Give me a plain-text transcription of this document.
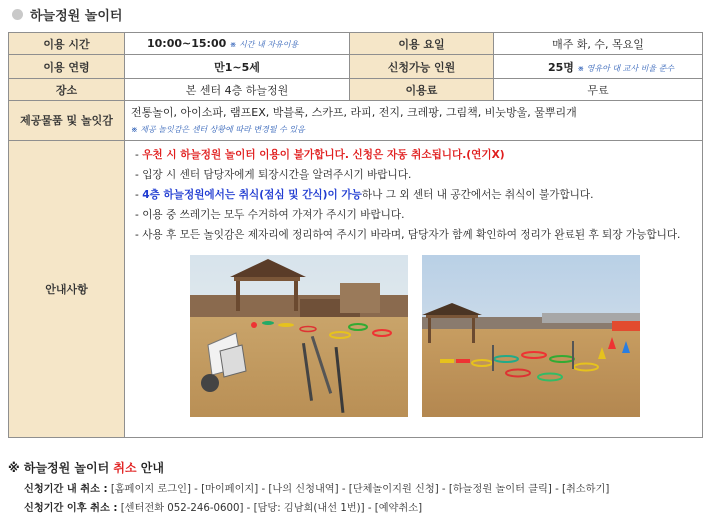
하늘정원 놀이터
이용 시간	10:00~15:00 ※ 시간 내 자유이용	이용 요일	매주 화, 수, 목요일
이용 연령	만1~5세	신청가능 인원	25명 ※ 영유아 대 교사 비율 준수
장소	본 센터 4층 하늘정원	이용료	무료
제공물품 및 놀잇감	전통놀이, 아이소파, 램프EX, 박블록, 스카프, 라피, 전지, 크레팡, 그림책, 비눗방울, 물뿌리개
※ 제공 놀잇감은 센터 상황에 따라 변경될 수 있음		

안내사항	- 우천 시 하늘정원 놀이터 이용이 불가합니다. 신청은 자동 취소됩니다.(연기X)
- 입장 시 센터 담당자에게 퇴장시간을 알려주시기 바랍니다.
- 4층 하늘정원에서는 취식(점심 및 간식)이 가능하나 그 외 센터 내 공간에서는 취식이 불가합니다.
- 이용 중 쓰레기는 모두 수거하여 가져가 주시기 바랍니다.
- 사용 후 모든 놀잇감은 제자리에 정리하여 주시기 바라며, 담당자가 함께 확인하여 정리가 완료된 후 퇴장 가능합니다.		
※ 하늘정원 놀이터 취소 안내
신청기간 내 취소 : [홈페이지 로그인] - [마이페이지] - [나의 신청내역] - [단체놀이지원 신청] - [하늘정원 놀이터 클릭] - [취소하기]
신청기간 이후 취소 : [센터전화 052-246-0600] - [담당: 김남희(내선 1번)] - [예약취소]
